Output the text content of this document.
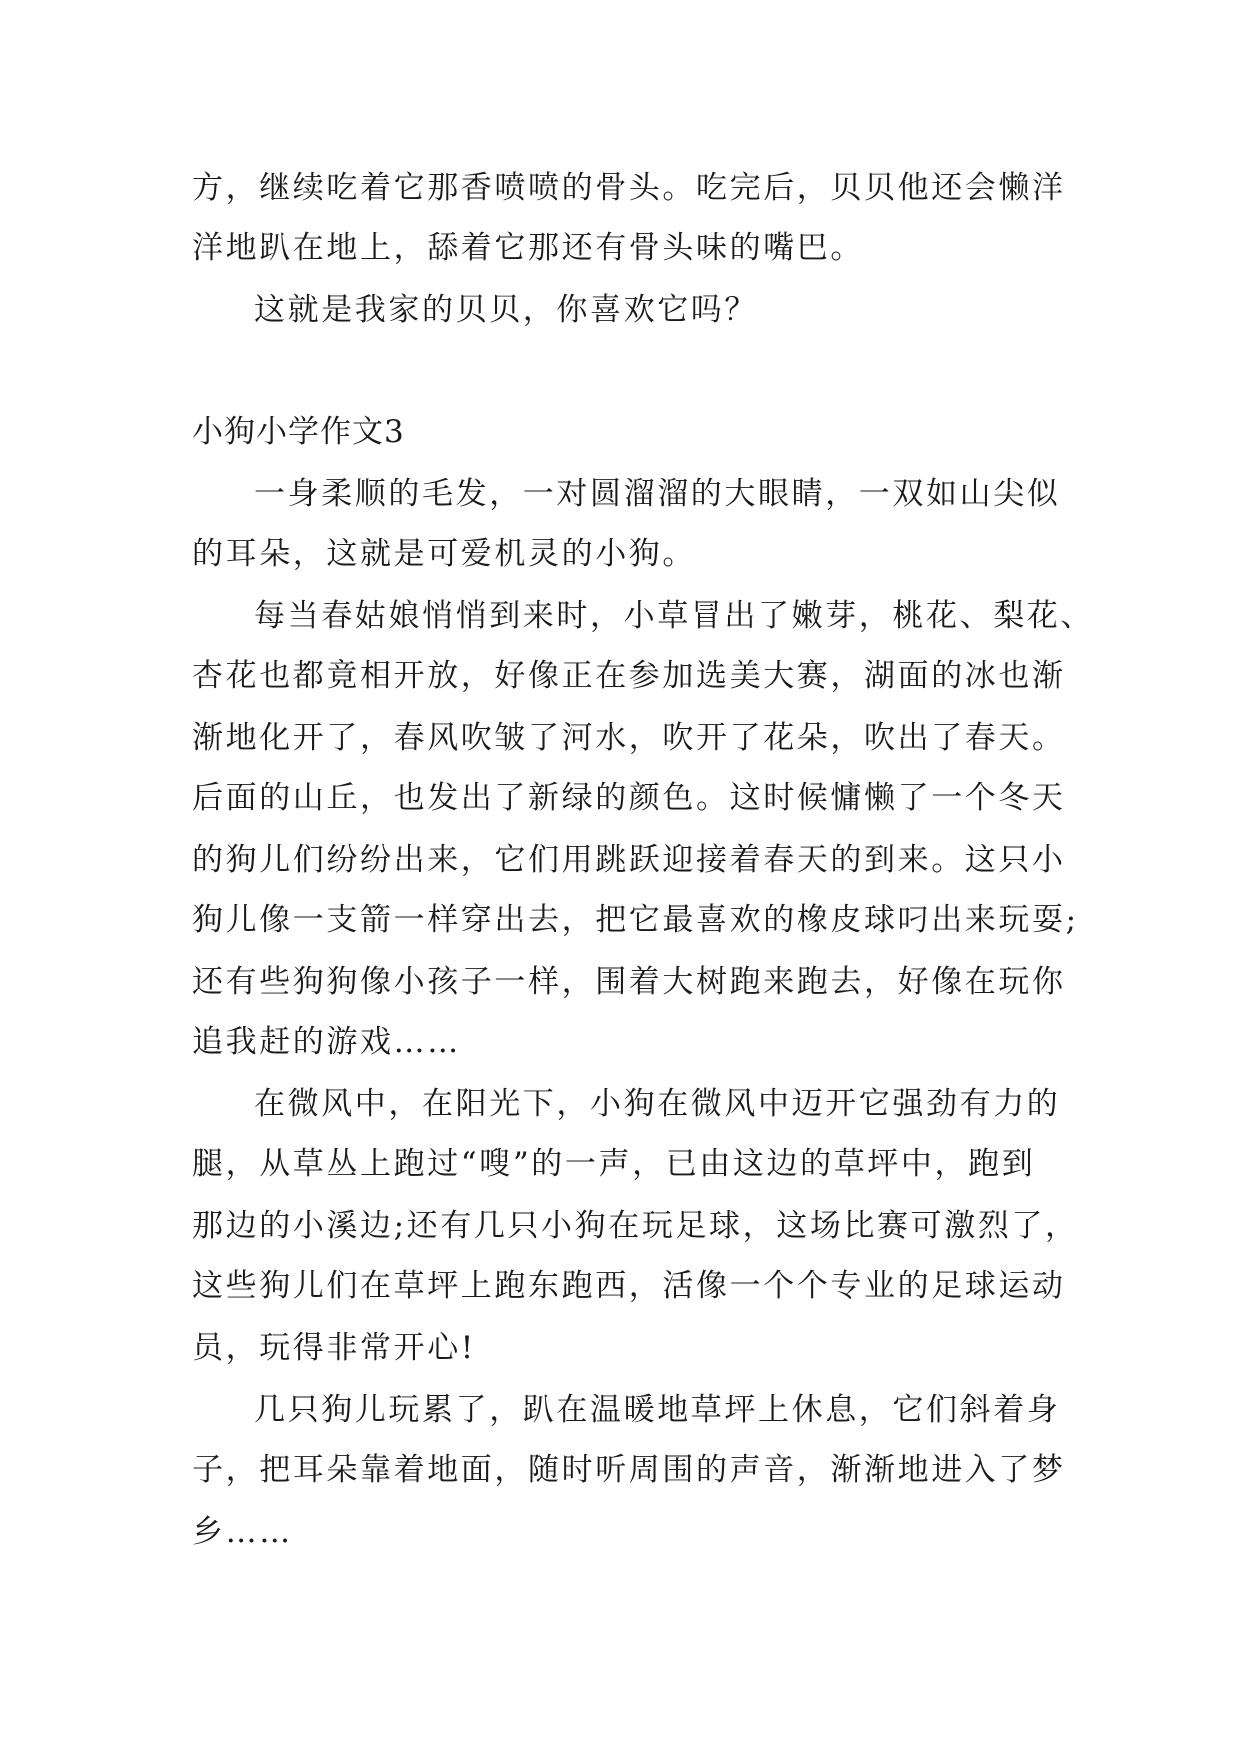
方，继续吃着它那香喷喷的骨头。吃完后，贝贝他还会懒洋

洋地趴在地上，舔着它那还有骨头味的嘴巴。

这就是我家的贝贝，你喜欢它吗？

小狗小学作文3

一身柔顺的毛发，一对圆溜溜的大眼睛，一双如山尖似

的耳朵，这就是可爱机灵的小狗。

每当春姑娘悄悄到来时，小草冒出了嫩芽，桃花、梨花、

杏花也都竟相开放，好像正在参加选美大赛，湖面的冰也渐

渐地化开了，春风吹皱了河水，吹开了花朵，吹出了春天。

后面的山丘，也发出了新绿的颜色。这时候慵懒了一个冬天

的狗儿们纷纷出来，它们用跳跃迎接着春天的到来。这只小

狗儿像一支箭一样穿出去，把它最喜欢的橡皮球叼出来玩耍;

还有些狗狗像小孩子一样，围着大树跑来跑去，好像在玩你

追我赶的游戏……

在微风中，在阳光下，小狗在微风中迈开它强劲有力的

腿，从草丛上跑过“嗖”的一声，已由这边的草坪中，跑到

那边的小溪边;还有几只小狗在玩足球，这场比赛可激烈了，

这些狗儿们在草坪上跑东跑西，活像一个个专业的足球运动

员，玩得非常开心!

几只狗儿玩累了，趴在温暖地草坪上休息，它们斜着身

子，把耳朵靠着地面，随时听周围的声音，渐渐地进入了梦

乡……
